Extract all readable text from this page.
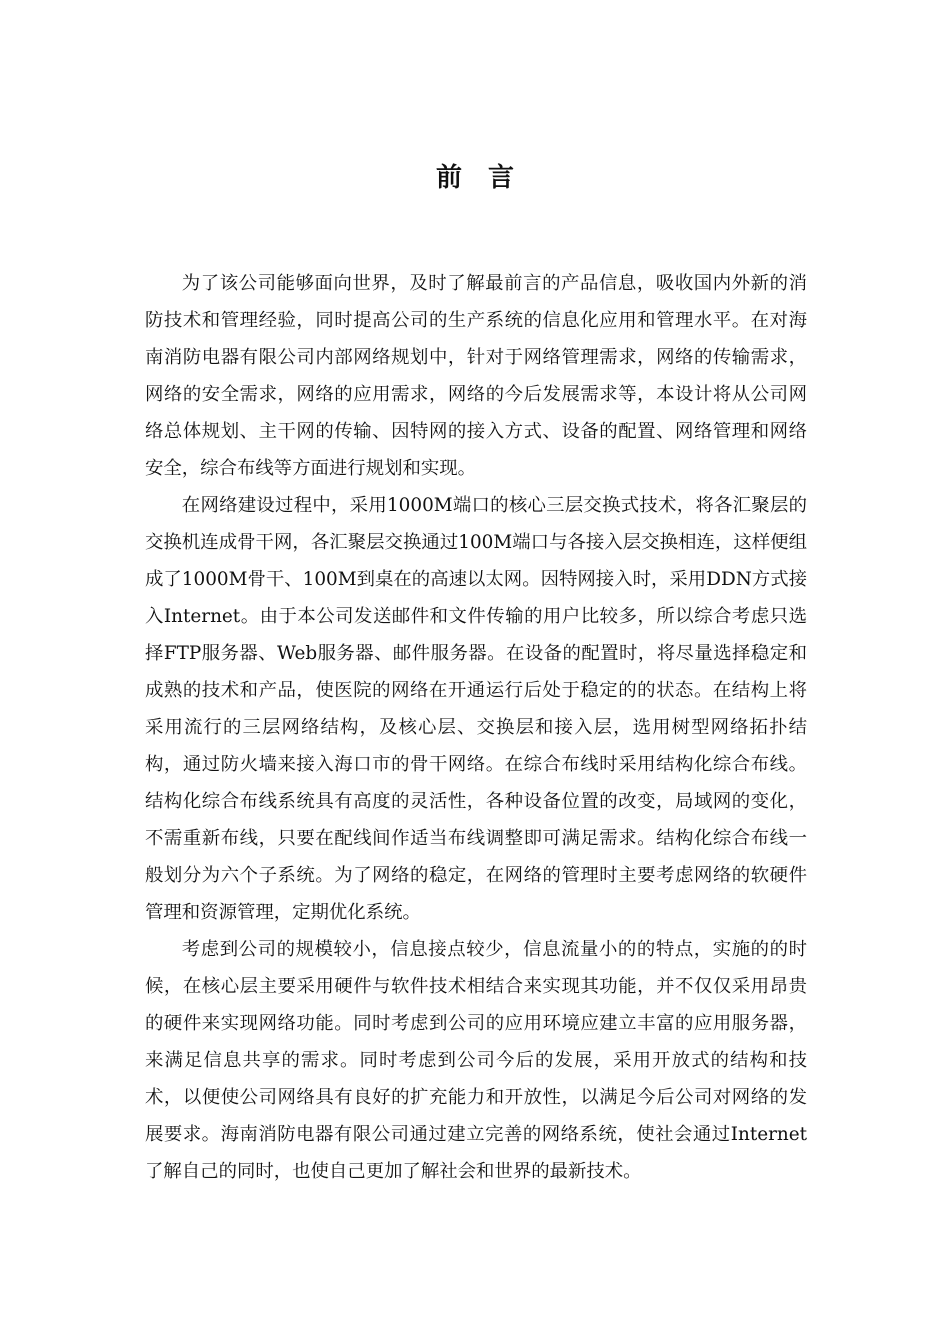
前言

为了该公司能够面向世界，及时了解最前言的产品信息，吸收国内外新的消防技术和管理经验，同时提高公司的生产系统的信息化应用和管理水平。在对海南消防电器有限公司内部网络规划中，针对于网络管理需求，网络的传输需求，网络的安全需求，网络的应用需求，网络的今后发展需求等，本设计将从公司网络总体规划、主干网的传输、因特网的接入方式、设备的配置、网络管理和网络安全，综合布线等方面进行规划和实现。

在网络建设过程中，采用1000M端口的核心三层交换式技术，将各汇聚层的交换机连成骨干网，各汇聚层交换通过100M端口与各接入层交换相连，这样便组成了1000M骨干、100M到桌在的高速以太网。因特网接入时，采用DDN方式接入Internet。由于本公司发送邮件和文件传输的用户比较多，所以综合考虑只选择FTP服务器、Web服务器、邮件服务器。在设备的配置时，将尽量选择稳定和成熟的技术和产品，使医院的网络在开通运行后处于稳定的的状态。在结构上将采用流行的三层网络结构，及核心层、交换层和接入层，选用树型网络拓扑结构，通过防火墙来接入海口市的骨干网络。在综合布线时采用结构化综合布线。结构化综合布线系统具有高度的灵活性，各种设备位置的改变，局域网的变化，不需重新布线，只要在配线间作适当布线调整即可满足需求。结构化综合布线一般划分为六个子系统。为了网络的稳定，在网络的管理时主要考虑网络的软硬件管理和资源管理，定期优化系统。

考虑到公司的规模较小，信息接点较少，信息流量小的的特点，实施的的时候，在核心层主要采用硬件与软件技术相结合来实现其功能，并不仅仅采用昂贵的硬件来实现网络功能。同时考虑到公司的应用环境应建立丰富的应用服务器，来满足信息共享的需求。同时考虑到公司今后的发展，采用开放式的结构和技术，以便使公司网络具有良好的扩充能力和开放性，以满足今后公司对网络的发展要求。海南消防电器有限公司通过建立完善的网络系统，使社会通过Internet了解自己的同时，也使自己更加了解社会和世界的最新技术。
